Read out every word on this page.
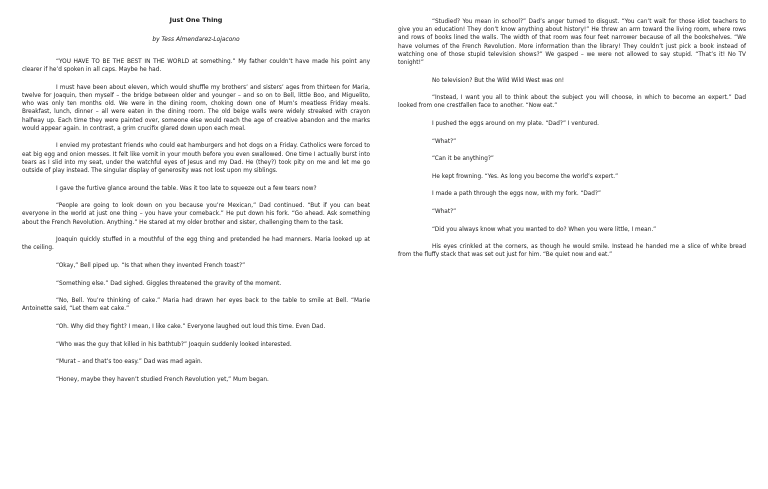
Just One Thing
by Tess Almendarez-Lojacono

“YOU HAVE TO BE THE BEST IN THE WORLD at something.” My father couldn’t have made his point any clearer if he’d spoken in all caps. Maybe he had.

I must have been about eleven, which would shuffle my brothers’ and sisters’ ages from thirteen for Maria, twelve for Joaquin, then myself – the bridge between older and younger – and so on to Bell, little Boo, and Miguelito, who was only ten months old. We were in the dining room, choking down one of Mum’s meatless Friday meals. Breakfast, lunch, dinner – all were eaten in the dining room. The old beige walls were widely streaked with crayon halfway up. Each time they were painted over, someone else would reach the age of creative abandon and the marks would appear again. In contrast, a grim crucifix glared down upon each meal.

I envied my protestant friends who could eat hamburgers and hot dogs on a Friday. Catholics were forced to eat big egg and onion messes. It felt like vomit in your mouth before you even swallowed. One time I actually burst into tears as I slid into my seat, under the watchful eyes of Jesus and my Dad. He (they?) took pity on me and let me go outside of play instead. The singular display of generosity was not lost upon my siblings.

I gave the furtive glance around the table. Was it too late to squeeze out a few tears now?

“People are going to look down on you because you’re Mexican,” Dad continued. “But if you can beat everyone in the world at just one thing – you have your comeback.” He put down his fork. “Go ahead. Ask something about the French Revolution. Anything.” He stared at my older brother and sister, challenging them to the task.

Joaquin quickly stuffed in a mouthful of the egg thing and pretended he had manners. Maria looked up at the ceiling.

“Okay,” Bell piped up. “Is that when they invented French toast?”

“Something else.” Dad sighed. Giggles threatened the gravity of the moment.

“No, Bell. You’re thinking of cake.” Maria had drawn her eyes back to the table to smile at Bell. “Marie Antoinette said, “Let them eat cake.”

“Oh. Why did they fight? I mean, I like cake.” Everyone laughed out loud this time. Even Dad.

“Who was the guy that killed in his bathtub?” Joaquin suddenly looked interested.

“Murat – and that’s too easy.” Dad was mad again.

“Honey, maybe they haven’t studied French Revolution yet,” Mum began.

“Studied? You mean in school?” Dad’s anger turned to disgust. “You can’t wait for those idiot teachers to give you an education! They don’t know anything about history!” He threw an arm toward the living room, where rows and rows of books lined the walls. The width of that room was four feet narrower because of all the bookshelves. “We have volumes of the French Revolution. More information than the library! They couldn’t just pick a book instead of watching one of those stupid television shows?” We gasped – we were not allowed to say stupid. “That’s it! No TV tonight!”

No television? But the Wild Wild West was on!

“Instead, I want you all to think about the subject you will choose, in which to become an expert.” Dad looked from one crestfallen face to another. “Now eat.”

I pushed the eggs around on my plate. “Dad?” I ventured.

“What?”

“Can it be anything?”

He kept frowning. “Yes. As long you become the world’s expert.”

I made a path through the eggs now, with my fork. “Dad?”

“What?”

“Did you always know what you wanted to do? When you were little, I mean.”

His eyes crinkled at the corners, as though he would smile. Instead he handed me a slice of white bread from the fluffy stack that was set out just for him. “Be quiet now and eat.”
